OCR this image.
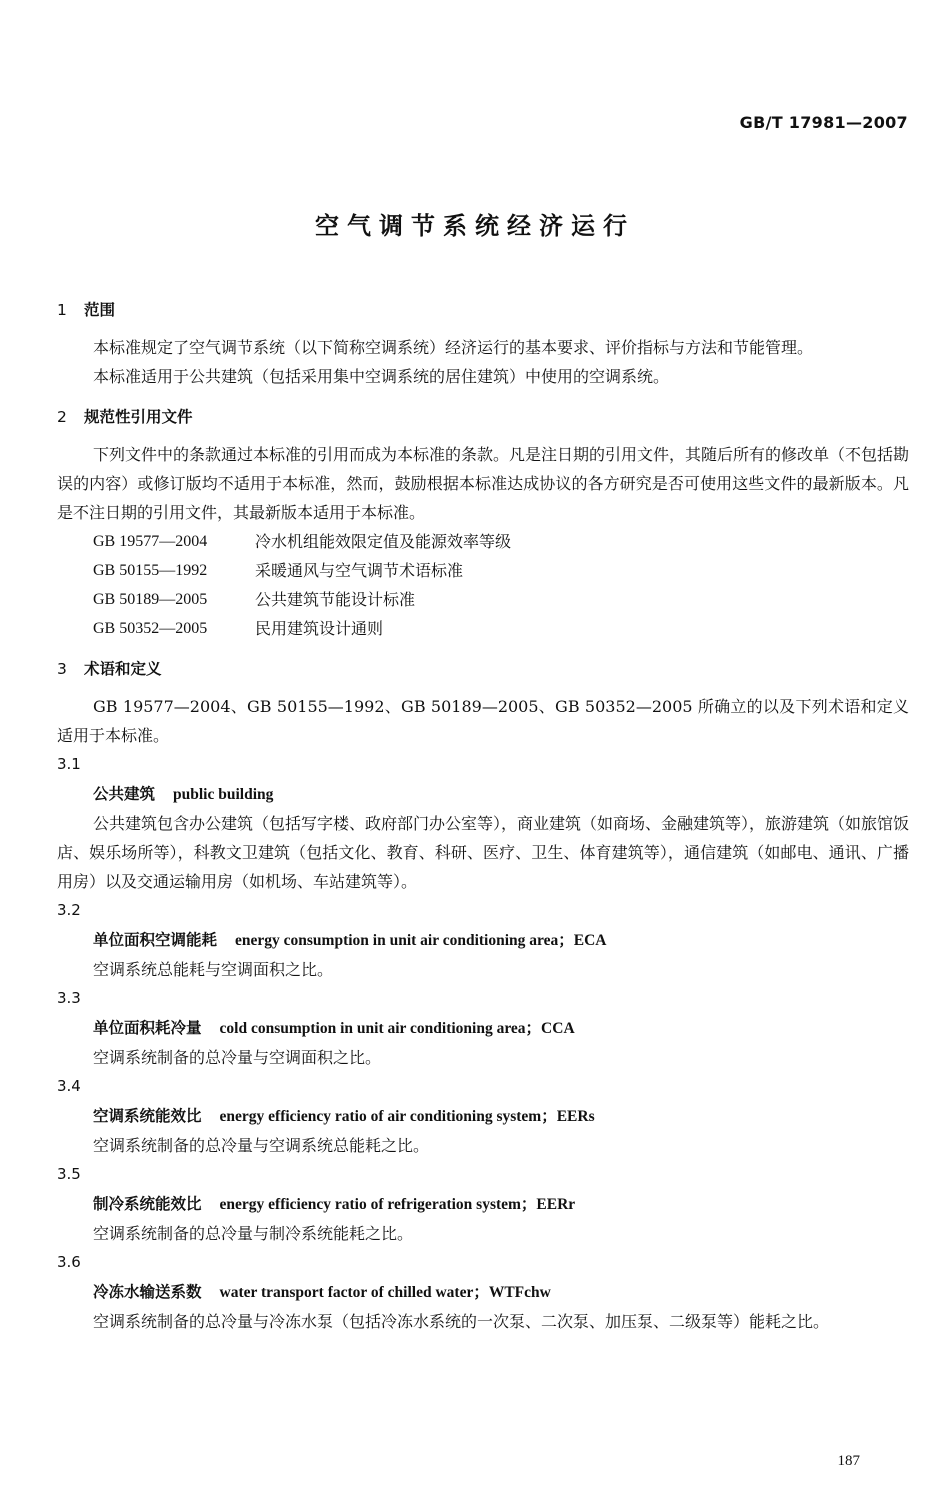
GB/T 17981—2007
空气调节系统经济运行
1 范围

本标准规定了空气调节系统（以下简称空调系统）经济运行的基本要求、评价指标与方法和节能管理。

本标准适用于公共建筑（包括采用集中空调系统的居住建筑）中使用的空调系统。

2 规范性引用文件

下列文件中的条款通过本标准的引用而成为本标准的条款。凡是注日期的引用文件，其随后所有的修改单（不包括勘误的内容）或修订版均不适用于本标准，然而，鼓励根据本标准达成协议的各方研究是否可使用这些文件的最新版本。凡是不注日期的引用文件，其最新版本适用于本标准。

GB 19577—2004	冷水机组能效限定值及能源效率等级
GB 50155—1992	采暖通风与空气调节术语标准
GB 50189—2005	公共建筑节能设计标准
GB 50352—2005	民用建筑设计通则
3 术语和定义

GB 19577—2004、GB 50155—1992、GB 50189—2005、GB 50352—2005 所确立的以及下列术语和定义适用于本标准。

3.1
公共建筑 public building

公共建筑包含办公建筑（包括写字楼、政府部门办公室等），商业建筑（如商场、金融建筑等），旅游建筑（如旅馆饭店、娱乐场所等），科教文卫建筑（包括文化、教育、科研、医疗、卫生、体育建筑等），通信建筑（如邮电、通讯、广播用房）以及交通运输用房（如机场、车站建筑等）。

3.2
单位面积空调能耗 energy consumption in unit air conditioning area；ECA

空调系统总能耗与空调面积之比。

3.3
单位面积耗冷量 cold consumption in unit air conditioning area；CCA

空调系统制备的总冷量与空调面积之比。

3.4
空调系统能效比 energy efficiency ratio of air conditioning system；EERs

空调系统制备的总冷量与空调系统总能耗之比。

3.5
制冷系统能效比 energy efficiency ratio of refrigeration system；EERr

空调系统制备的总冷量与制冷系统能耗之比。

3.6
冷冻水输送系数 water transport factor of chilled water；WTFchw

空调系统制备的总冷量与冷冻水泵（包括冷冻水系统的一次泵、二次泵、加压泵、二级泵等）能耗之比。

187
